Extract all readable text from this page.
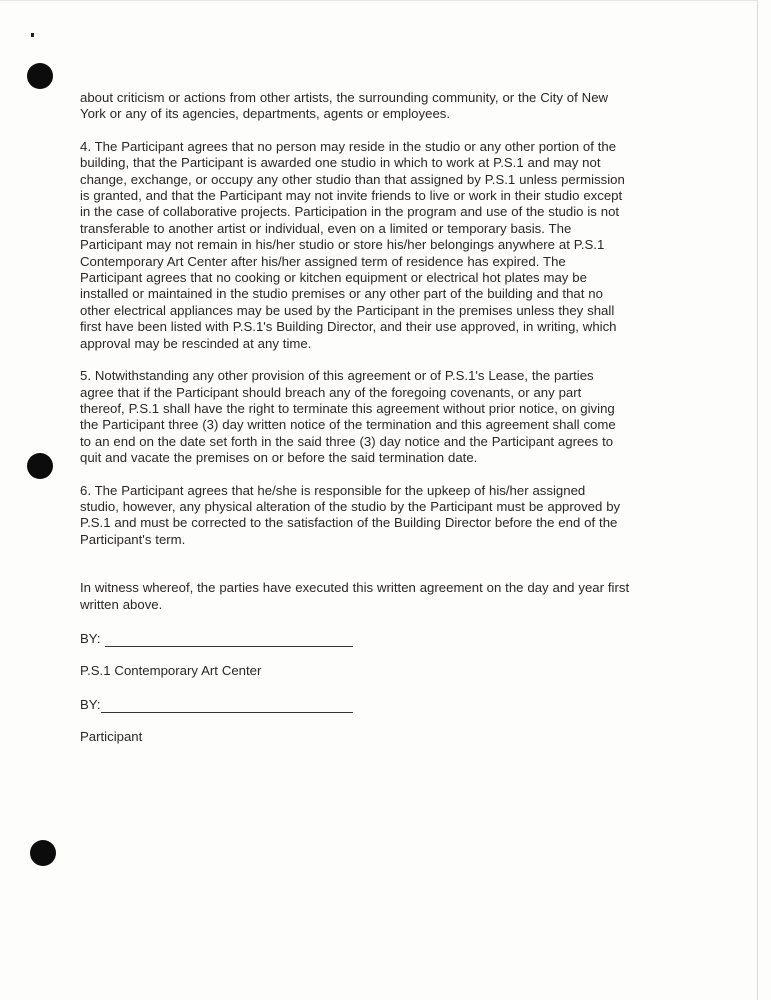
about criticism or actions from other artists, the surrounding community, or the City of New
York or any of its agencies, departments, agents or employees.

4. The Participant agrees that no person may reside in the studio or any other portion of the
building, that the Participant is awarded one studio in which to work at P.S.1 and may not
change, exchange, or occupy any other studio than that assigned by P.S.1 unless permission
is granted, and that the Participant may not invite friends to live or work in their studio except
in the case of collaborative projects. Participation in the program and use of the studio is not
transferable to another artist or individual, even on a limited or temporary basis. The
Participant may not remain in his/her studio or store his/her belongings anywhere at P.S.1
Contemporary Art Center after his/her assigned term of residence has expired. The
Participant agrees that no cooking or kitchen equipment or electrical hot plates may be
installed or maintained in the studio premises or any other part of the building and that no
other electrical appliances may be used by the Participant in the premises unless they shall
first have been listed with P.S.1's Building Director, and their use approved, in writing, which
approval may be rescinded at any time.

5. Notwithstanding any other provision of this agreement or of P.S.1's Lease, the parties
agree that if the Participant should breach any of the foregoing covenants, or any part
thereof, P.S.1 shall have the right to terminate this agreement without prior notice, on giving
the Participant three (3) day written notice of the termination and this agreement shall come
to an end on the date set forth in the said three (3) day notice and the Participant agrees to
quit and vacate the premises on or before the said termination date.

6. The Participant agrees that he/she is responsible for the upkeep of his/her assigned
studio, however, any physical alteration of the studio by the Participant must be approved by
P.S.1 and must be corrected to the satisfaction of the Building Director before the end of the
Participant's term.

In witness whereof, the parties have executed this written agreement on the day and year first
written above.

BY:
P.S.1 Contemporary Art Center
BY:
Participant
